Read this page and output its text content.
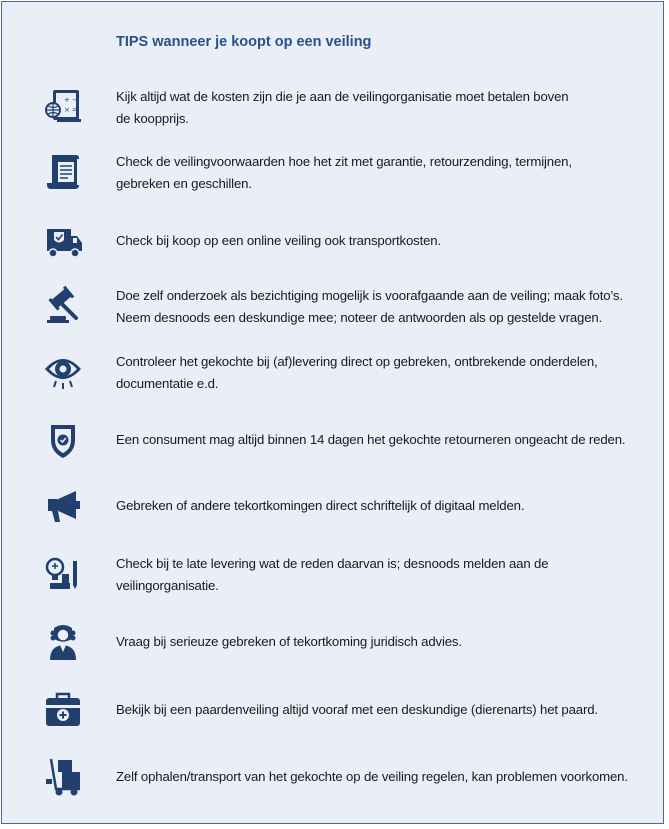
TIPS wanneer je koopt op een veiling
+ −
× =
Kijk altijd wat de kosten zijn die je aan de veilingorganisatie moet betalen boven
de koopprijs.
Check de veilingvoorwaarden hoe het zit met garantie, retourzending, termijnen,
gebreken en geschillen.
Check bij koop op een online veiling ook transportkosten.
Doe zelf onderzoek als bezichtiging mogelijk is voorafgaande aan de veiling; maak foto’s.
Neem desnoods een deskundige mee; noteer de antwoorden als op gestelde vragen.
Controleer het gekochte bij (af)levering direct op gebreken, ontbrekende onderdelen,
documentatie e.d.
Een consument mag altijd binnen 14 dagen het gekochte retourneren ongeacht de reden.
Gebreken of andere tekortkomingen direct schriftelijk of digitaal melden.
Check bij te late levering wat de reden daarvan is; desnoods melden aan de
veilingorganisatie.
Vraag bij serieuze gebreken of tekortkoming juridisch advies.
Bekijk bij een paardenveiling altijd vooraf met een deskundige (dierenarts) het paard.
Zelf ophalen/transport van het gekochte op de veiling regelen, kan problemen voorkomen.
